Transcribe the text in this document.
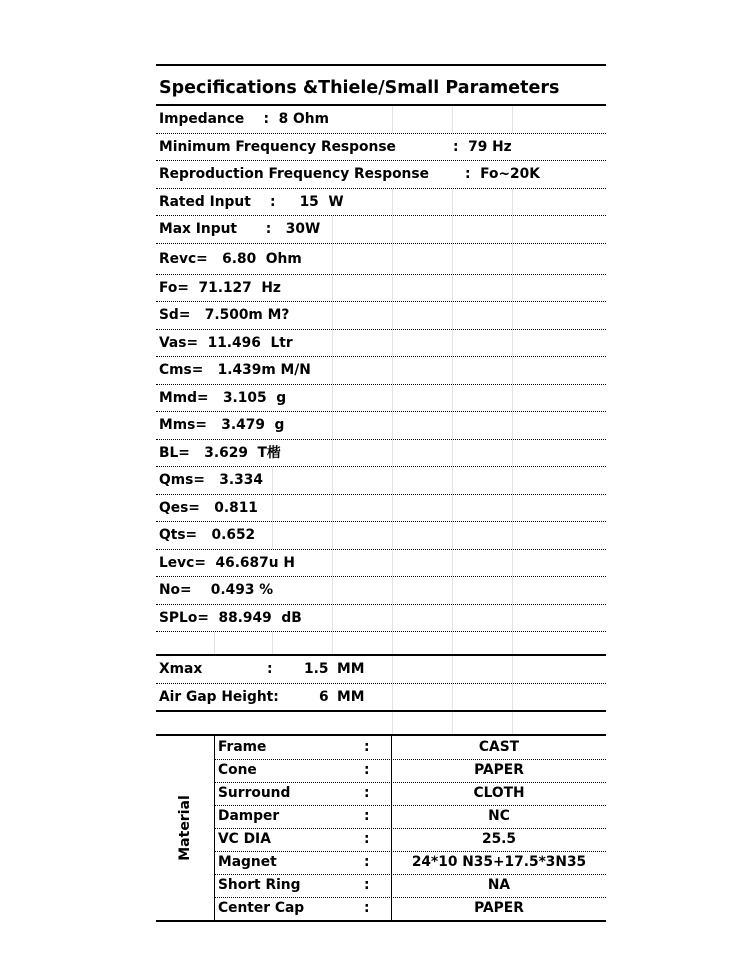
Specifications &Thiele/Small Parameters
Impedance    :  8 Ohm
Minimum Frequency Response	:  79 Hz
Reproduction Frequency Response	:  Fo~20K
Rated Input    :     15  W
Max Input      :   30W
Revc=   6.80  Ohm
Fo=  71.127  Hz
Sd=   7.500m M?
Vas=  11.496  Ltr
Cms=   1.439m M/N
Mmd=   3.105  g
Mms=   3.479  g
BL=   3.629  T楷
Qms=   3.334
Qes=   0.811
Qts=   0.652
Levc=  46.687u H
No=    0.493 %
SPLo=  88.949  dB
Xmax	: 1.5 MM
Air Gap Height:	6 MM
Material
Frame	:	CAST
Cone	:	PAPER
Surround	:	CLOTH
Damper	:	NC
VC DIA	:	25.5
Magnet	:	24*10 N35+17.5*3N35
Short Ring	:	NA
Center Cap	:	PAPER
